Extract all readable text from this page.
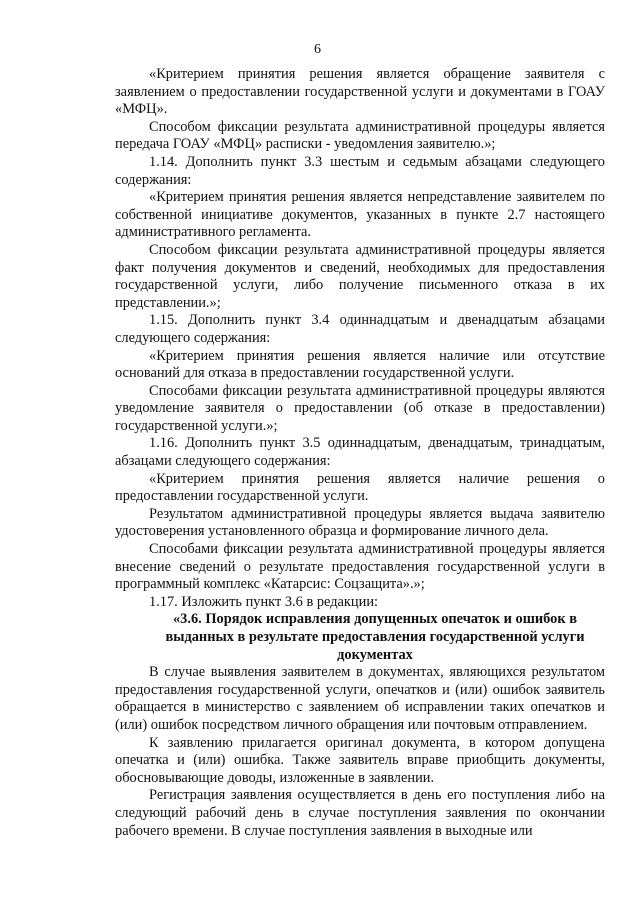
6

«Критерием принятия решения является обращение заявителя с заявлением о предоставлении государственной услуги и документами в ГОАУ «МФЦ».

Способом фиксации результата административной процедуры является передача ГОАУ «МФЦ» расписки - уведомления заявителю.»;

1.14. Дополнить пункт 3.3 шестым и седьмым абзацами следующего содержания:

«Критерием принятия решения является непредставление заявителем по собственной инициативе документов, указанных в пункте 2.7 настоящего административного регламента.

Способом фиксации результата административной процедуры является факт получения документов и сведений, необходимых для предоставления государственной услуги, либо получение письменного отказа в их представлении.»;

1.15. Дополнить пункт 3.4 одиннадцатым и двенадцатым абзацами следующего содержания:

«Критерием принятия решения является наличие или отсутствие оснований для отказа в предоставлении государственной услуги.

Способами фиксации результата административной процедуры являются уведомление заявителя о предоставлении (об отказе в предоставлении) государственной услуги.»;

1.16. Дополнить пункт 3.5 одиннадцатым, двенадцатым, тринадцатым, абзацами следующего содержания:

«Критерием принятия решения является наличие решения о предоставлении государственной услуги.

Результатом административной процедуры является выдача заявителю удостоверения установленного образца и формирование личного дела.

Способами фиксации результата административной процедуры является внесение сведений о результате предоставления государственной услуги в программный комплекс «Катарсис: Соцзащита».»;

1.17. Изложить пункт 3.6 в редакции:

«3.6. Порядок исправления допущенных опечаток и ошибок в выданных в результате предоставления государственной услуги документах

В случае выявления заявителем в документах, являющихся результатом предоставления государственной услуги, опечатков и (или) ошибок заявитель обращается в министерство с заявлением об исправлении таких опечатков и (или) ошибок посредством личного обращения или почтовым отправлением.

К заявлению прилагается оригинал документа, в котором допущена опечатка и (или) ошибка. Также заявитель вправе приобщить документы, обосновывающие доводы, изложенные в заявлении.

Регистрация заявления осуществляется в день его поступления либо на следующий рабочий день в случае поступления заявления по окончании рабочего времени. В случае поступления заявления в выходные или
